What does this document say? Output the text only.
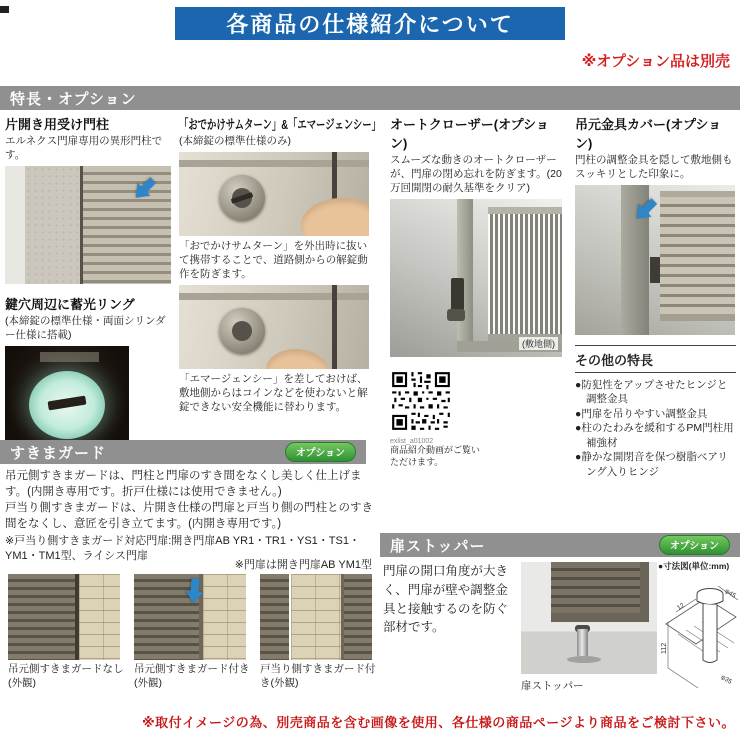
各商品の仕様紹介について
※オプション品は別売
特長・オプション
片開き用受け門柱
エルネクス門扉専用の異形門柱です。
鍵穴周辺に蓄光リング
(本締錠の標準仕様・両面シリンダー仕様に搭載)
「おでかけサムターン」&「エマージェンシー」
(本締錠の標準仕様のみ)
「おでかけサムターン」を外出時に抜いて携帯することで、道路側からの解錠動作を防ぎます。
「エマージェンシー」を差しておけば、敷地側からはコインなどを使わないと解錠できない安全機能に替わります。
オートクローザー(オプション)
スムーズな動きのオートクローザーが、門扉の閉め忘れを防ぎます。(20万回開閉の耐久基準をクリア)
(敷地側)
exlist_a01002
商品紹介動画がご覧いただけます。
吊元金具カバー(オプション)
門柱の調整金具を隠して敷地側もスッキリとした印象に。
その他の特長
●防犯性をアップさせたヒンジと調整金具
●門扉を吊りやすい調整金具
●柱のたわみを緩和するPM門柱用補強材
●静かな開閉音を保つ樹脂ベアリング入りヒンジ
すきまガード	オプション
吊元側すきまガードは、門柱と門扉のすき間をなくし美しく仕上げます。(内開き専用です。折戸仕様には使用できません。)
戸当り側すきまガードは、片開き仕様の門扉と戸当り側の門柱とのすき間をなくし、意匠を引き立てます。(内開き専用です。)
※戸当り側すきまガード対応門扉:開き門扉AB YR1・TR1・YS1・TS1・YM1・TM1型、ライシス門扉
※門扉は開き門扉AB YM1型
吊元側すきまガードなし(外観)
吊元側すきまガード付き(外観)
戸当り側すきまガード付き(外観)
扉ストッパー	オプション
門扉の開口角度が大きく、門扉が壁や調整金具と接触するのを防ぐ部材です。
扉ストッパー
●寸法図(単位:mm)
112
12
φ45
φ35
※取付イメージの為、別売商品を含む画像を使用、各仕様の商品ページより商品をご検討下さい。
